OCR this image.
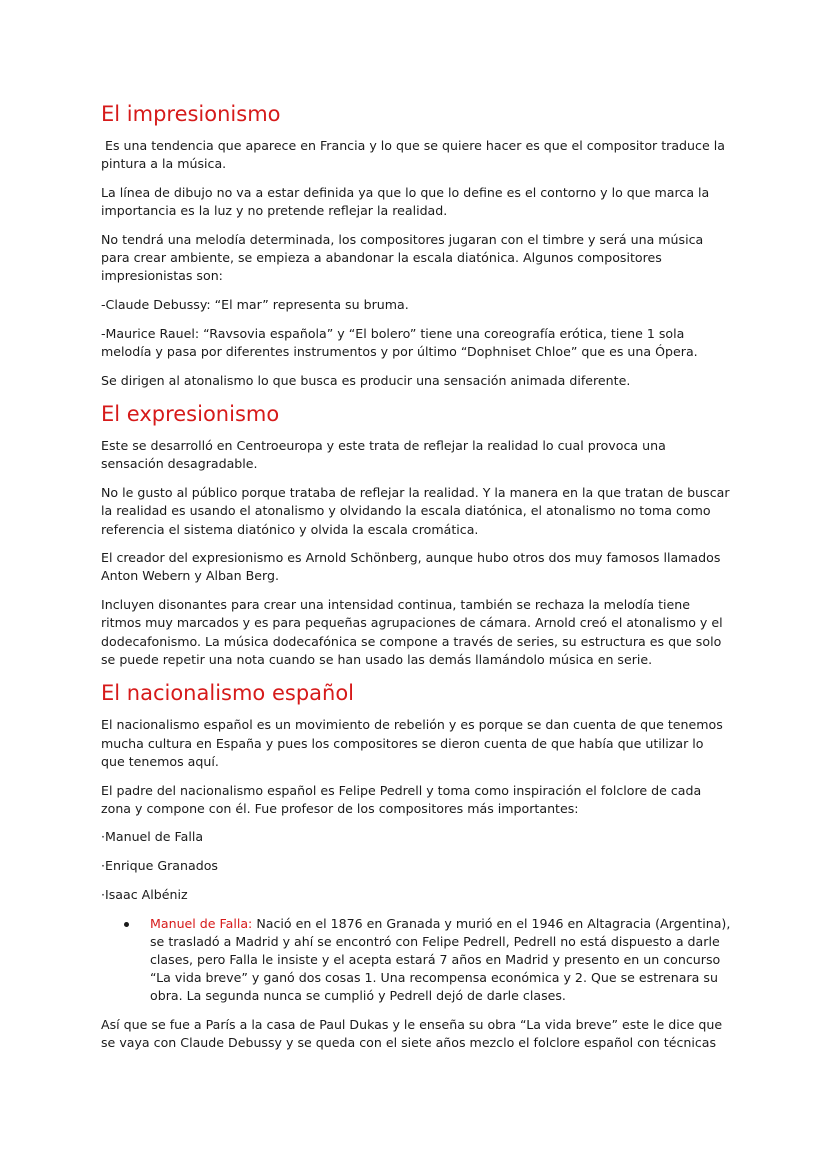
El impresionismo

Es una tendencia que aparece en Francia y lo que se quiere hacer es que el compositor traduce la pintura a la música.

La línea de dibujo no va a estar definida ya que lo que lo define es el contorno y lo que marca la importancia es la luz y no pretende reflejar la realidad.

No tendrá una melodía determinada, los compositores jugaran con el timbre y será una música para crear ambiente, se empieza a abandonar la escala diatónica. Algunos compositores impresionistas son:

-Claude Debussy: “El mar” representa su bruma.

-Maurice Rauel: “Ravsovia española” y “El bolero” tiene una coreografía erótica, tiene 1 sola melodía y pasa por diferentes instrumentos y por último “Dophniset Chloe” que es una Ópera.

Se dirigen al atonalismo lo que busca es producir una sensación animada diferente.

El expresionismo

Este se desarrolló en Centroeuropa y este trata de reflejar la realidad lo cual provoca una sensación desagradable.

No le gusto al público porque trataba de reflejar la realidad. Y la manera en la que tratan de buscar la realidad es usando el atonalismo y olvidando la escala diatónica, el atonalismo no toma como referencia el sistema diatónico y olvida la escala cromática.

El creador del expresionismo es Arnold Schönberg, aunque hubo otros dos muy famosos llamados Anton Webern y Alban Berg.

Incluyen disonantes para crear una intensidad continua, también se rechaza la melodía tiene ritmos muy marcados y es para pequeñas agrupaciones de cámara. Arnold creó el atonalismo y el dodecafonismo. La música dodecafónica se compone a través de series, su estructura es que solo se puede repetir una nota cuando se han usado las demás llamándolo música en serie.

El nacionalismo español

El nacionalismo español es un movimiento de rebelión y es porque se dan cuenta de que tenemos mucha cultura en España y pues los compositores se dieron cuenta de que había que utilizar lo que tenemos aquí.

El padre del nacionalismo español es Felipe Pedrell y toma como inspiración el folclore de cada zona y compone con él. Fue profesor de los compositores más importantes:

·Manuel de Falla

·Enrique Granados

·Isaac Albéniz

Manuel de Falla: Nació en el 1876 en Granada y murió en el 1946 en Altagracia (Argentina), se trasladó a Madrid y ahí se encontró con Felipe Pedrell, Pedrell no está dispuesto a darle clases, pero Falla le insiste y el acepta estará 7 años en Madrid y presento en un concurso “La vida breve” y ganó dos cosas 1. Una recompensa económica y 2. Que se estrenara su obra. La segunda nunca se cumplió y Pedrell dejó de darle clases.

Así que se fue a París a la casa de Paul Dukas y le enseña su obra “La vida breve” este le dice que se vaya con Claude Debussy y se queda con el siete años mezclo el folclore español con técnicas
